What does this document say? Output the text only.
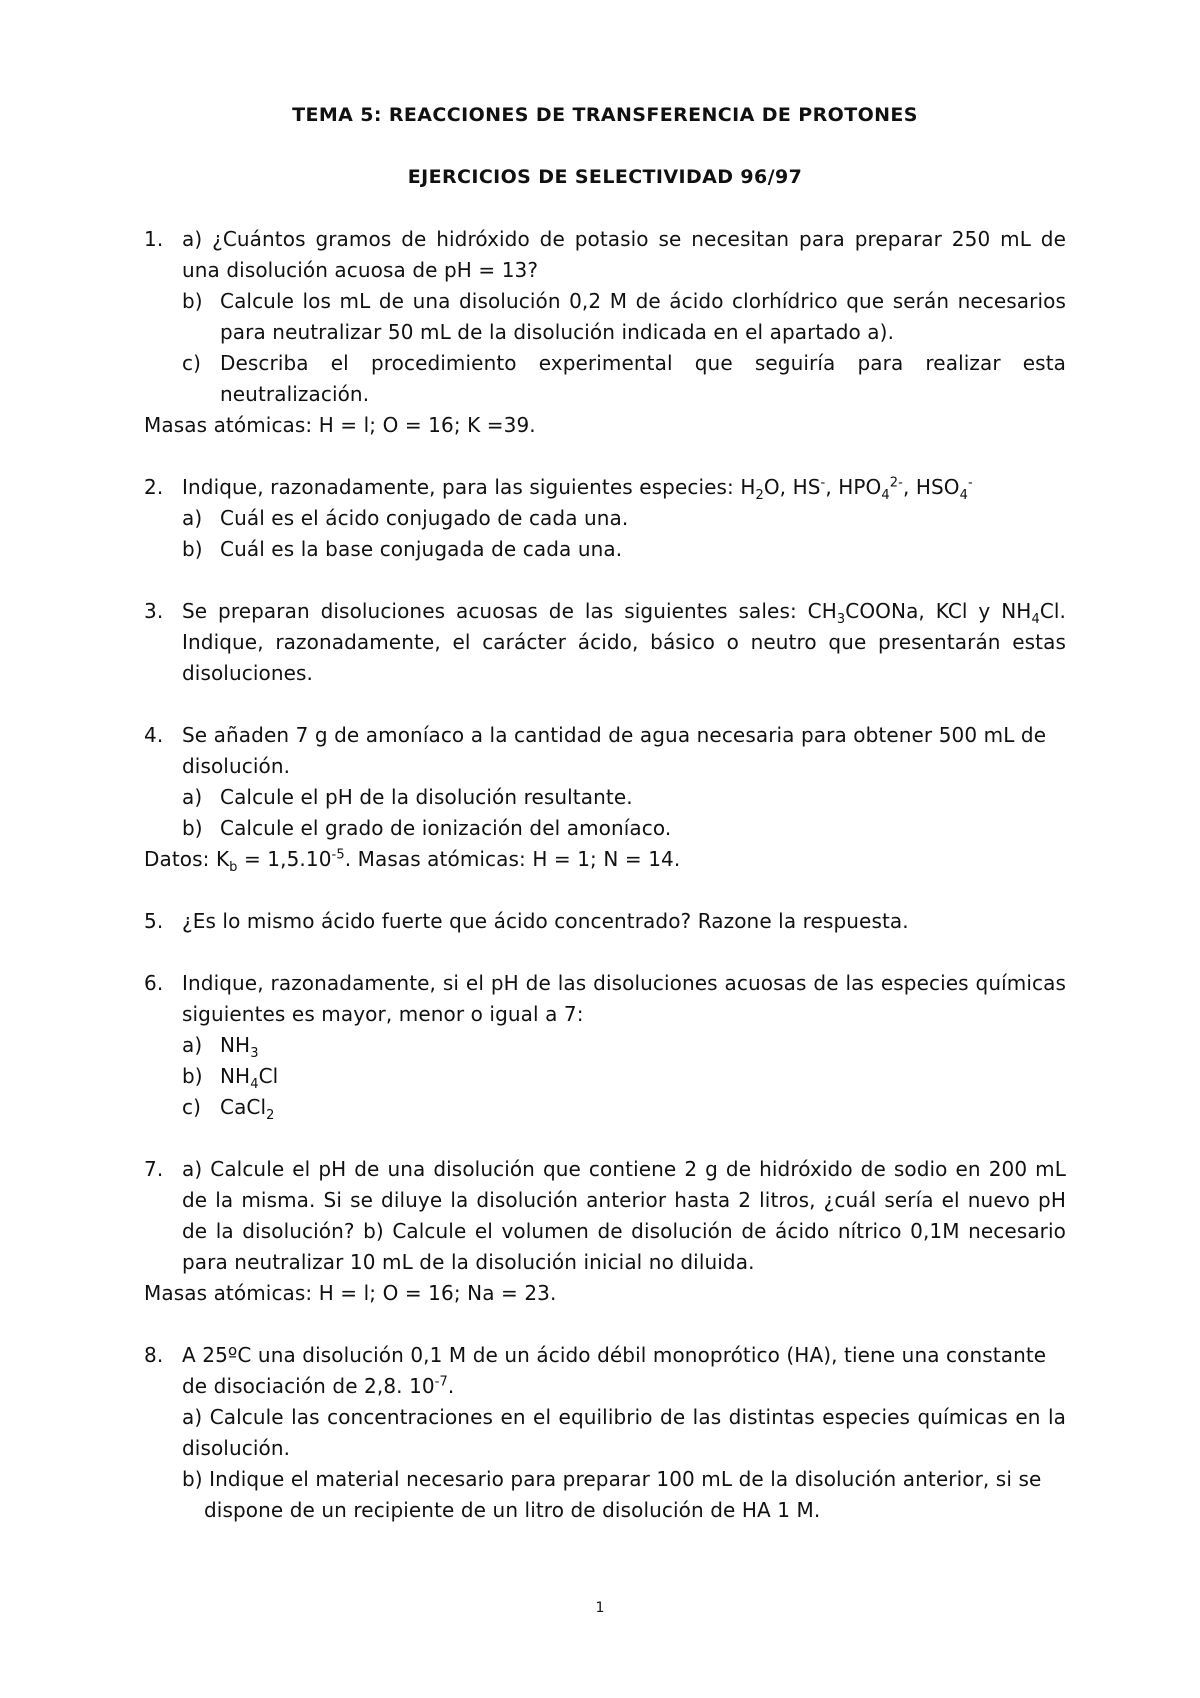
TEMA 5: REACCIONES DE TRANSFERENCIA DE PROTONES

EJERCICIOS DE SELECTIVIDAD 96/97

1. a) ¿Cuántos gramos de hidróxido de potasio se necesitan para preparar 250 mL de una disolución acuosa de pH = 13?
b) Calcule los mL de una disolución 0,2 M de ácido clorhídrico que serán necesarios para neutralizar 50 mL de la disolución indicada en el apartado a).
c) Describa el procedimiento experimental que seguiría para realizar esta neutralización.
Masas atómicas: H = l; O = 16; K =39.
2. Indique, razonadamente, para las siguientes especies: $H_2O$, HS-, $HPO_4^{2-}$, $HSO_4^-$
a) Cuál es el ácido conjugado de cada una.
b) Cuál es la base conjugada de cada una.
3. Se preparan disoluciones acuosas de las siguientes sales: $CH_3COONa$, KCl y $NH_4Cl$. Indique, razonadamente, el carácter ácido, básico o neutro que presentarán estas disoluciones.
4. Se añaden 7 g de amoníaco a la cantidad de agua necesaria para obtener 500 mL de disolución.
a) Calcule el pH de la disolución resultante.
b) Calcule el grado de ionización del amoníaco.
Datos: $K_b = 1,5.10^{-5}$. Masas atómicas: H = 1; N = 14.
5. ¿Es lo mismo ácido fuerte que ácido concentrado? Razone la respuesta.
6. Indique, razonadamente, si el pH de las disoluciones acuosas de las especies químicas siguientes es mayor, menor o igual a 7:
a) $NH_3$
b) $NH_4Cl$
c) CaCl$_2$
7. a) Calcule el pH de una disolución que contiene 2 g de hidróxido de sodio en 200 mL de la misma. Si se diluye la disolución anterior hasta 2 litros, ¿cuál sería el nuevo pH de la disolución? b) Calcule el volumen de disolución de ácido nítrico 0,1M necesario para neutralizar 10 mL de la disolución inicial no diluida.
Masas atómicas: H = l; O = 16; Na = 23.
8. A 25ºC una disolución 0,1 M de un ácido débil monoprótico (HA), tiene una constante de disociación de 2,8. $10^{-7}$.
a) Calcule las concentraciones en el equilibrio de las distintas especies químicas en la disolución.
b) Indique el material necesario para preparar 100 mL de la disolución anterior, si se dispone de un recipiente de un litro de disolución de HA 1 M.
1
